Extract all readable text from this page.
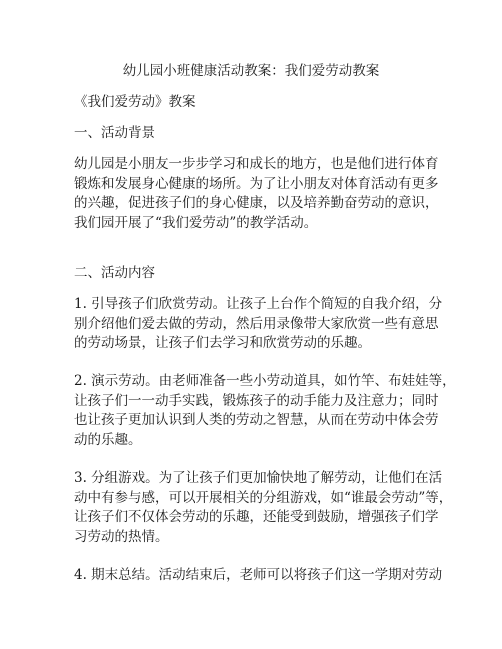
幼儿园小班健康活动教案：我们爱劳动教案
《我们爱劳动》教案
一、活动背景
幼儿园是小朋友一步步学习和成长的地方，也是他们进行体育
锻炼和发展身心健康的场所。为了让小朋友对体育活动有更多
的兴趣，促进孩子们的身心健康，以及培养勤奋劳动的意识，
我们园开展了“我们爱劳动”的教学活动。
二、活动内容
1. 引导孩子们欣赏劳动。让孩子上台作个简短的自我介绍，分
别介绍他们爱去做的劳动，然后用录像带大家欣赏一些有意思
的劳动场景，让孩子们去学习和欣赏劳动的乐趣。
2. 演示劳动。由老师准备一些小劳动道具，如竹竿、布娃娃等，
让孩子们一一动手实践，锻炼孩子的动手能力及注意力；同时
也让孩子更加认识到人类的劳动之智慧，从而在劳动中体会劳
动的乐趣。
3. 分组游戏。为了让孩子们更加愉快地了解劳动，让他们在活
动中有参与感，可以开展相关的分组游戏，如“谁最会劳动”等，
让孩子们不仅体会劳动的乐趣，还能受到鼓励，增强孩子们学
习劳动的热情。
4. 期末总结。活动结束后，老师可以将孩子们这一学期对劳动
